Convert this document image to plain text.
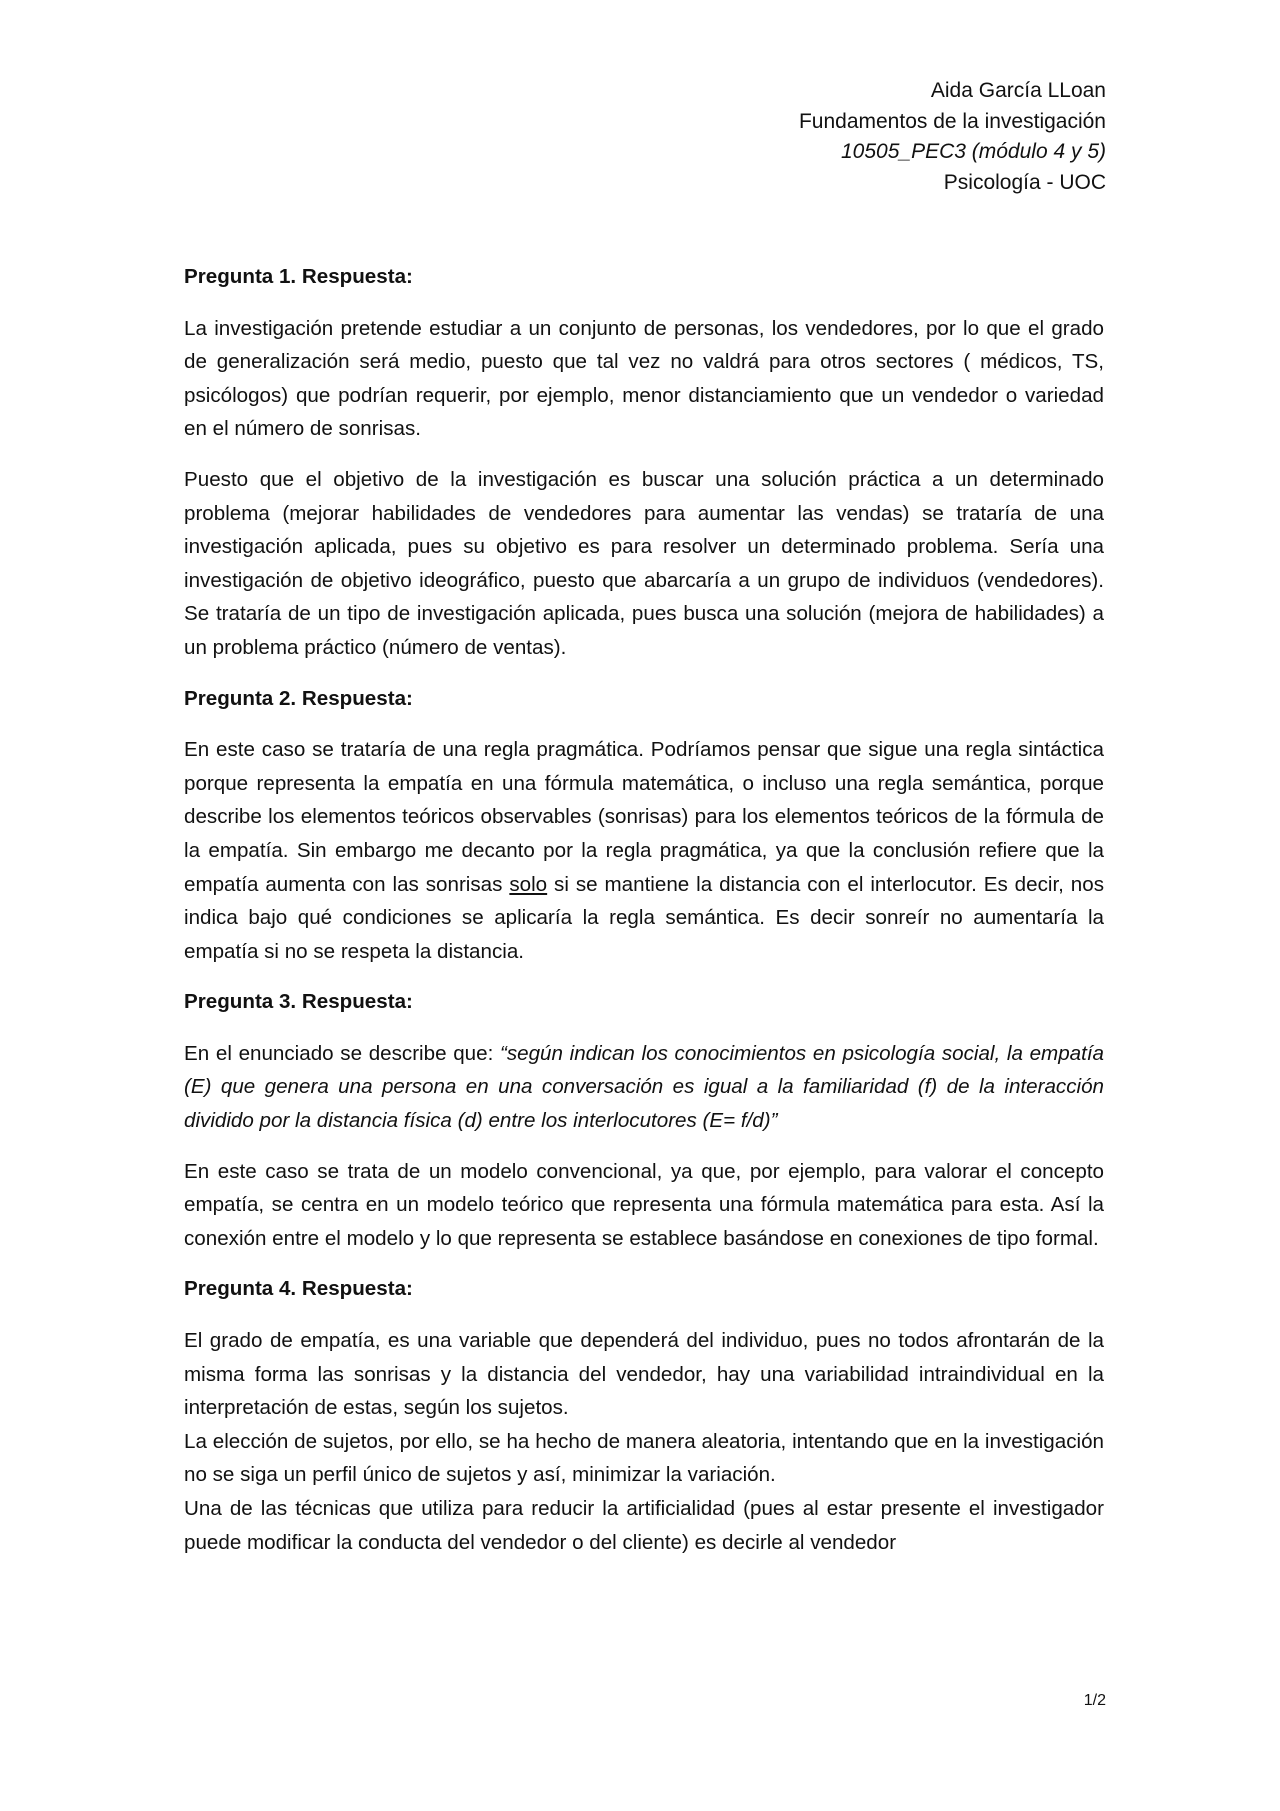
Aida García LLoan
Fundamentos de la investigación
10505_PEC3 (módulo 4 y 5)
Psicología - UOC
Pregunta 1. Respuesta:

La investigación pretende estudiar a un conjunto de personas, los vendedores, por lo que el grado de generalización será medio, puesto que tal vez no valdrá para otros sectores ( médicos, TS, psicólogos) que podrían requerir, por ejemplo, menor distanciamiento que un vendedor o variedad en el número de sonrisas.

Puesto que el objetivo de la investigación es buscar una solución práctica a un determinado problema (mejorar habilidades de vendedores para aumentar las vendas) se trataría de una investigación aplicada, pues su objetivo es para resolver un determinado problema. Sería una investigación de objetivo ideográfico, puesto que abarcaría a un grupo de individuos (vendedores). Se trataría de un tipo de investigación aplicada, pues busca una solución (mejora de habilidades) a un problema práctico (número de ventas).

Pregunta 2. Respuesta:

En este caso se trataría de una regla pragmática. Podríamos pensar que sigue una regla sintáctica porque representa la empatía en una fórmula matemática, o incluso una regla semántica, porque describe los elementos teóricos observables (sonrisas) para los elementos teóricos de la fórmula de la empatía. Sin embargo me decanto por la regla pragmática, ya que la conclusión refiere que la empatía aumenta con las sonrisas solo si se mantiene la distancia con el interlocutor. Es decir, nos indica bajo qué condiciones se aplicaría la regla semántica. Es decir sonreír no aumentaría la empatía si no se respeta la distancia.

Pregunta 3. Respuesta:

En el enunciado se describe que: “según indican los conocimientos en psicología social, la empatía (E) que genera una persona en una conversación es igual a la familiaridad (f) de la interacción dividido por la distancia física (d) entre los interlocutores (E= f/d)”

En este caso se trata de un modelo convencional, ya que, por ejemplo, para valorar el concepto empatía, se centra en un modelo teórico que representa una fórmula matemática para esta. Así la conexión entre el modelo y lo que representa se establece basándose en conexiones de tipo formal.

Pregunta 4. Respuesta:

El grado de empatía, es una variable que dependerá del individuo, pues no todos afrontarán de la misma forma las sonrisas y la distancia del vendedor, hay una variabilidad intraindividual en la interpretación de estas, según los sujetos.

La elección de sujetos, por ello, se ha hecho de manera aleatoria, intentando que en la investigación no se siga un perfil único de sujetos y así, minimizar la variación.

Una de las técnicas que utiliza para reducir la artificialidad (pues al estar presente el investigador puede modificar la conducta del vendedor o del cliente) es decirle al vendedor

1/2
